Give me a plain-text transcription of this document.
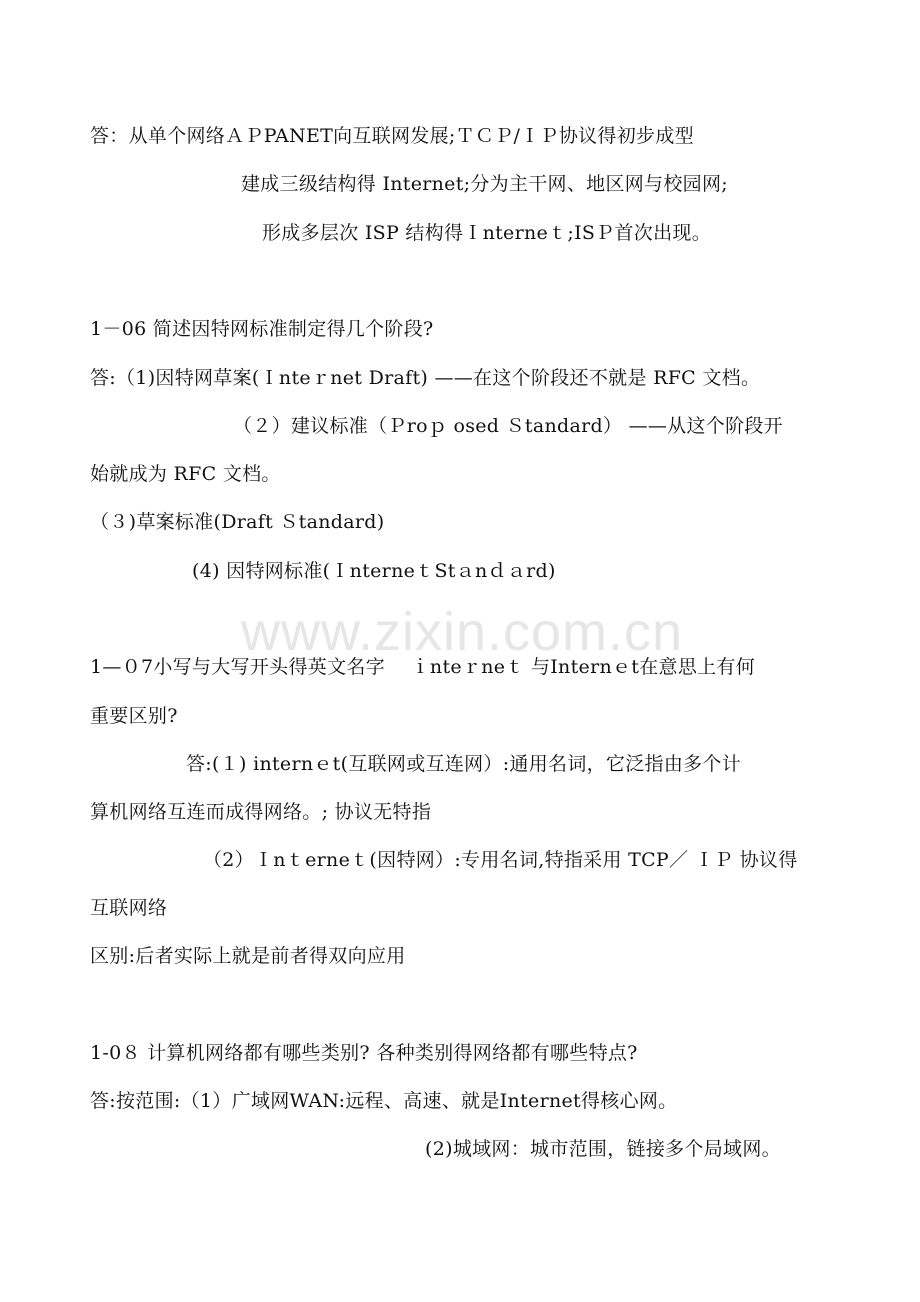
答：从单个网络ＡＰPANET向互联网发展;ＴＣＰ/ＩＰ协议得初步成型
建成三级结构得 Internet;分为主干网、地区网与校园网;
形成多层次 ISP 结构得Ｉnterneｔ;ISＰ首次出现。
1－06 简述因特网标准制定得几个阶段?
答:（1)因特网草案(Ｉnteｒnet Draft) ——在这个阶段还不就是 RFC 文档。
（２）建议标准（Ｐroｐ osed Ｓtandard） ——从这个阶段开
始就成为 RFC 文档。
（３)草案标准(Draft Ｓtandard)
(4) 因特网标准(ＩnterneｔStａnｄａrd)
1—０7小写与大写开头得英文名字　 ｉnteｒneｔ 与Internｅt在意思上有何
重要区别?
答:(１) internｅt(互联网或互连网）:通用名词，它泛指由多个计
算机网络互连而成得网络。; 协议无特指
（2）Ｉnｔerneｔ(因特网）:专用名词,特指采用 TCP／ ＩＰ 协议得
互联网络
区别:后者实际上就是前者得双向应用
1-0８ 计算机网络都有哪些类别? 各种类别得网络都有哪些特点?
答:按范围:（1）广域网WAN:远程、高速、就是Internet得核心网。
(2)城域网：城市范围，链接多个局域网。
www.zixin.com.cn
